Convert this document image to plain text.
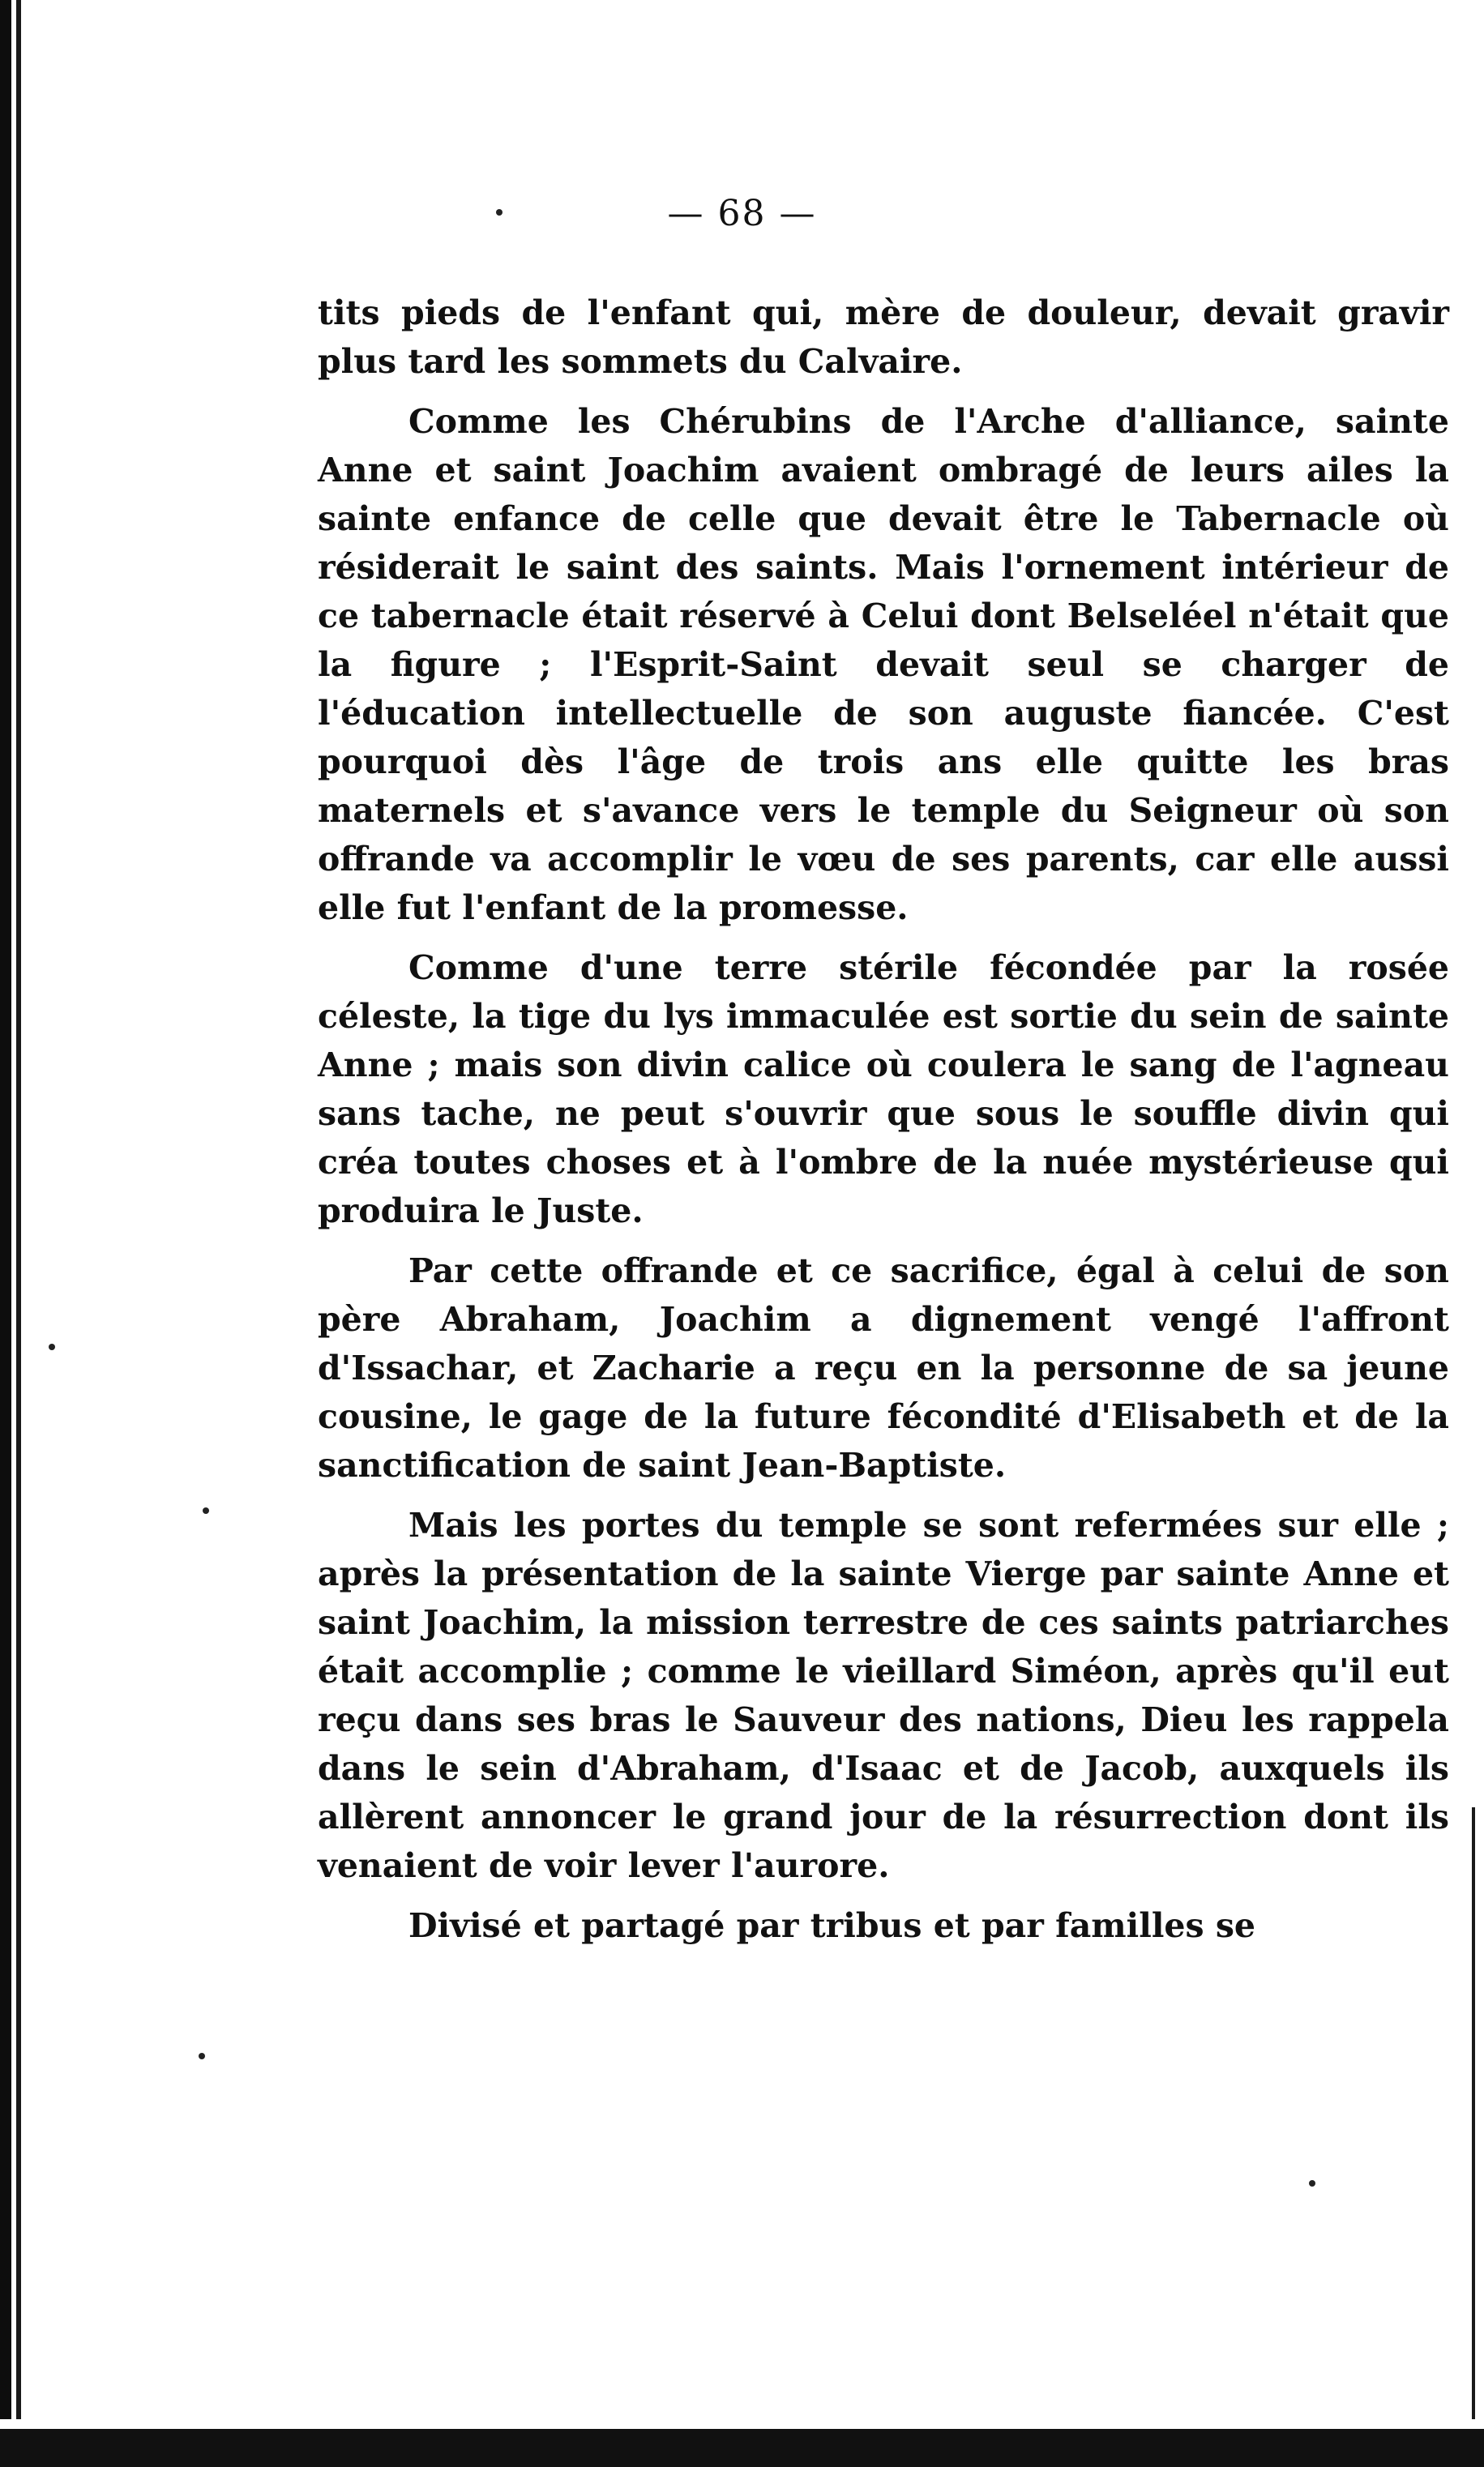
— 68 —

tits pieds de l'enfant qui, mère de douleur, devait gravir plus tard les sommets du Calvaire.

Comme les Chérubins de l'Arche d'alliance, sainte Anne et saint Joachim avaient ombragé de leurs ailes la sainte enfance de celle que devait être le Tabernacle où résiderait le saint des saints. Mais l'ornement intérieur de ce tabernacle était réservé à Celui dont Belseléel n'était que la figure ; l'Esprit-Saint devait seul se charger de l'éducation intellectuelle de son auguste fiancée. C'est pourquoi dès l'âge de trois ans elle quitte les bras maternels et s'avance vers le temple du Seigneur où son offrande va accomplir le vœu de ses parents, car elle aussi elle fut l'enfant de la promesse.

Comme d'une terre stérile fécondée par la rosée céleste, la tige du lys immaculée est sortie du sein de sainte Anne ; mais son divin calice où coulera le sang de l'agneau sans tache, ne peut s'ouvrir que sous le souffle divin qui créa toutes choses et à l'ombre de la nuée mystérieuse qui produira le Juste.

Par cette offrande et ce sacrifice, égal à celui de son père Abraham, Joachim a dignement vengé l'affront d'Issachar, et Zacharie a reçu en la personne de sa jeune cousine, le gage de la future fécondité d'Elisabeth et de la sanctification de saint Jean-Baptiste.

Mais les portes du temple se sont refermées sur elle ; après la présentation de la sainte Vierge par sainte Anne et saint Joachim, la mission terrestre de ces saints patriarches était accomplie ; comme le vieillard Siméon, après qu'il eut reçu dans ses bras le Sauveur des nations, Dieu les rappela dans le sein d'Abraham, d'Isaac et de Jacob, auxquels ils allèrent annoncer le grand jour de la résurrection dont ils venaient de voir lever l'aurore.

Divisé et partagé par tribus et par familles se
